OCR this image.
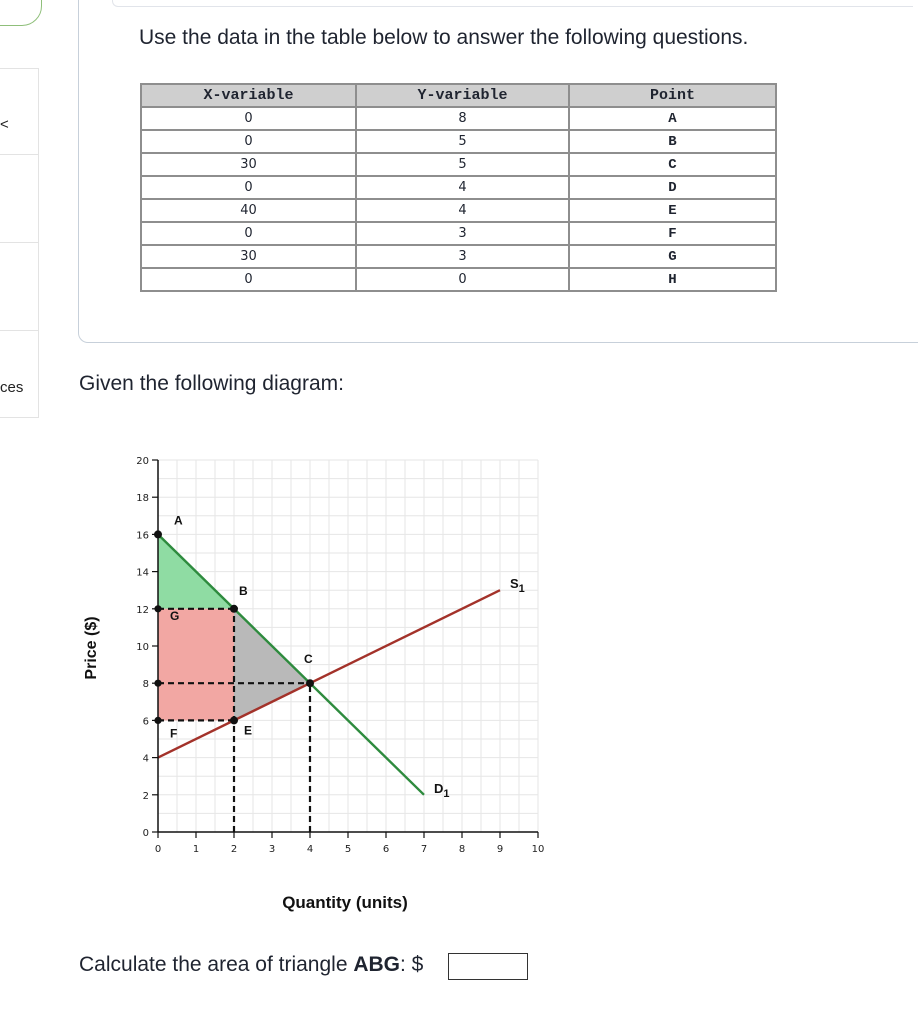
<
ces
Use the data in the table below to answer the following questions.
X-variable	Y-variable	Point
0	8	A
0	5	B
30	5	C
0	4	D
40	4	E
0	3	F
30	3	G
0	0	H
Given the following diagram:
$D_1$
$S_1$
0
2
4
6
8
10
12
14
16
18
20
0	1	2	3	4	5	6	7	8	9	10
A
B
C
E
G
F
Quantity (units)
Price ($)
Calculate the area of triangle ABG: $
